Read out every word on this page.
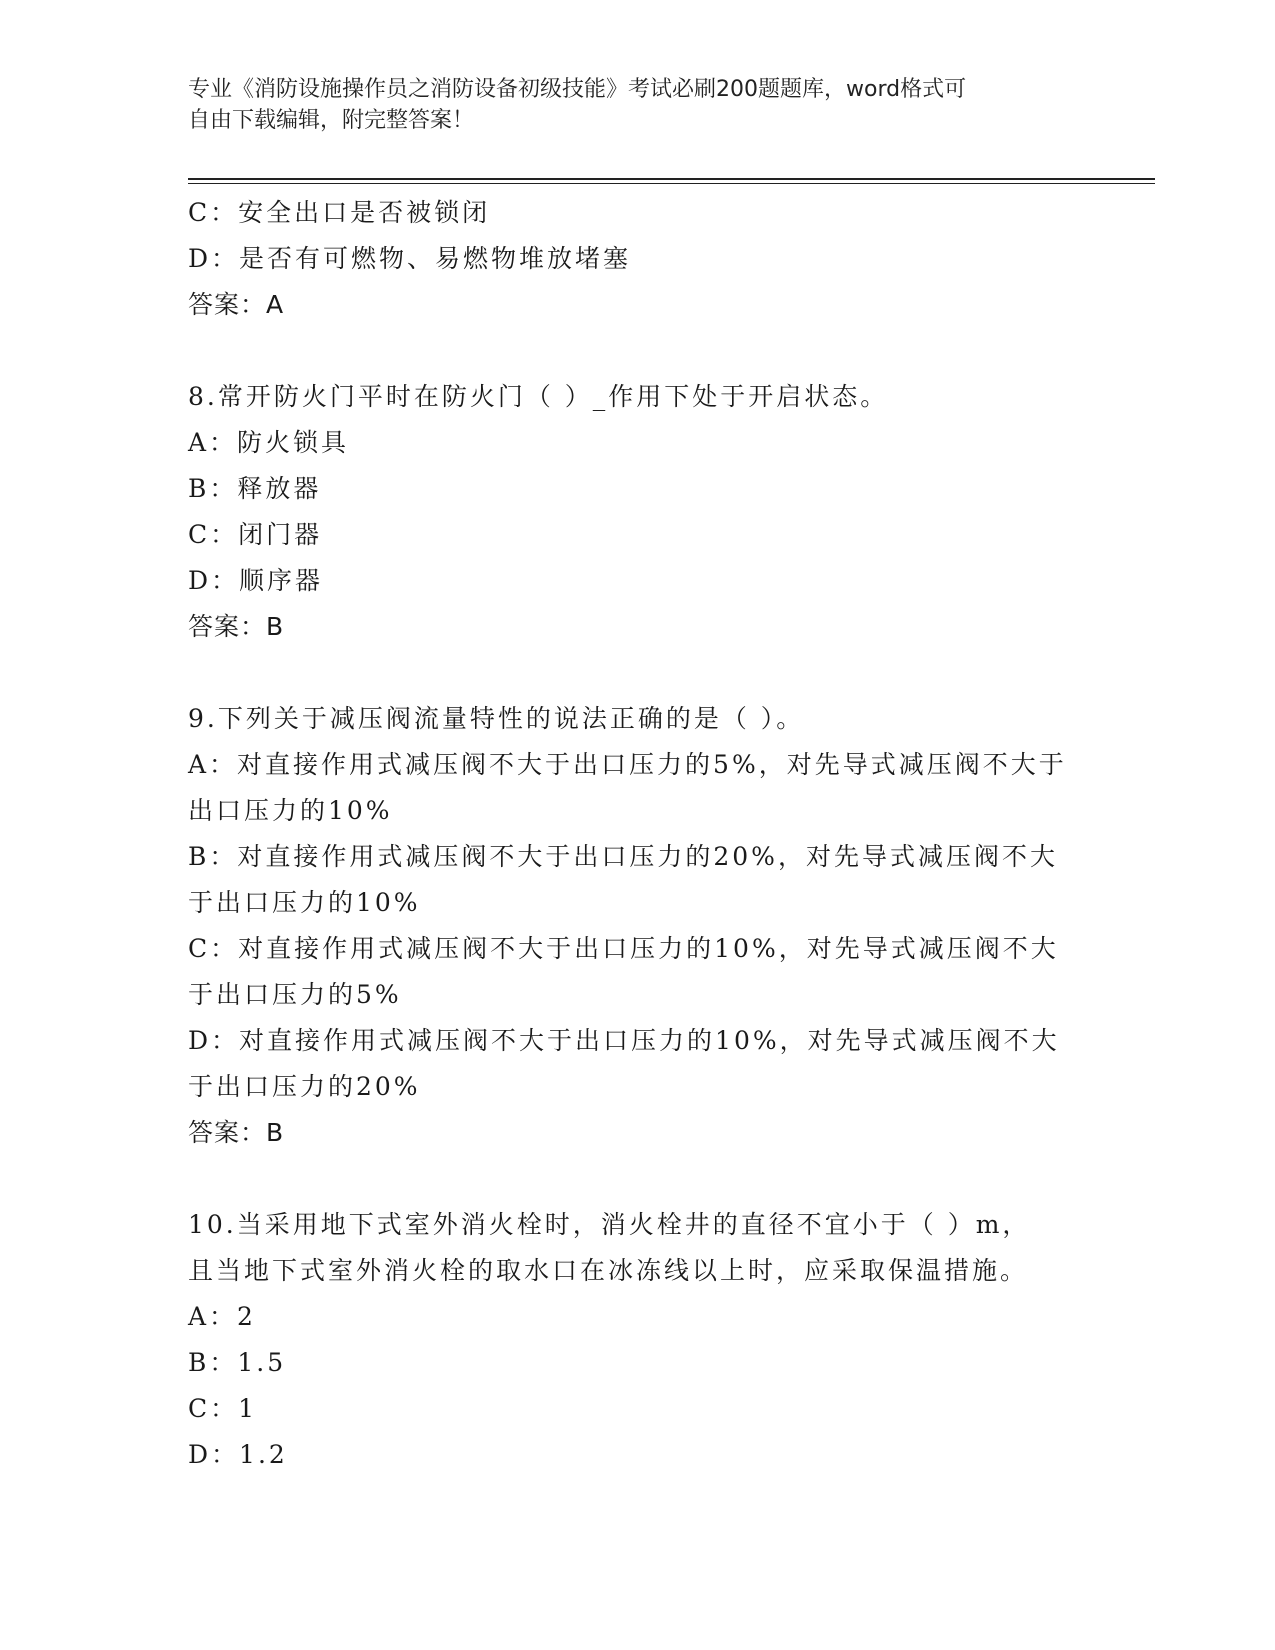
专业《消防设施操作员之消防设备初级技能》考试必刷200题题库，word格式可
自由下载编辑，附完整答案！
C：安全出口是否被锁闭
D：是否有可燃物、易燃物堆放堵塞
答案：A
8.常开防火门平时在防火门（ ）_作用下处于开启状态。
A：防火锁具
B：释放器
C：闭门器
D：顺序器
答案：B
9.下列关于减压阀流量特性的说法正确的是（ ）。
A：对直接作用式减压阀不大于出口压力的5%，对先导式减压阀不大于
出口压力的10%
B：对直接作用式减压阀不大于出口压力的20%，对先导式减压阀不大
于出口压力的10%
C：对直接作用式减压阀不大于出口压力的10%，对先导式减压阀不大
于出口压力的5%
D：对直接作用式减压阀不大于出口压力的10%，对先导式减压阀不大
于出口压力的20%
答案：B
10.当采用地下式室外消火栓时，消火栓井的直径不宜小于（ ）m，
且当地下式室外消火栓的取水口在冰冻线以上时，应采取保温措施。
A：2
B：1.5
C：1
D：1.2
